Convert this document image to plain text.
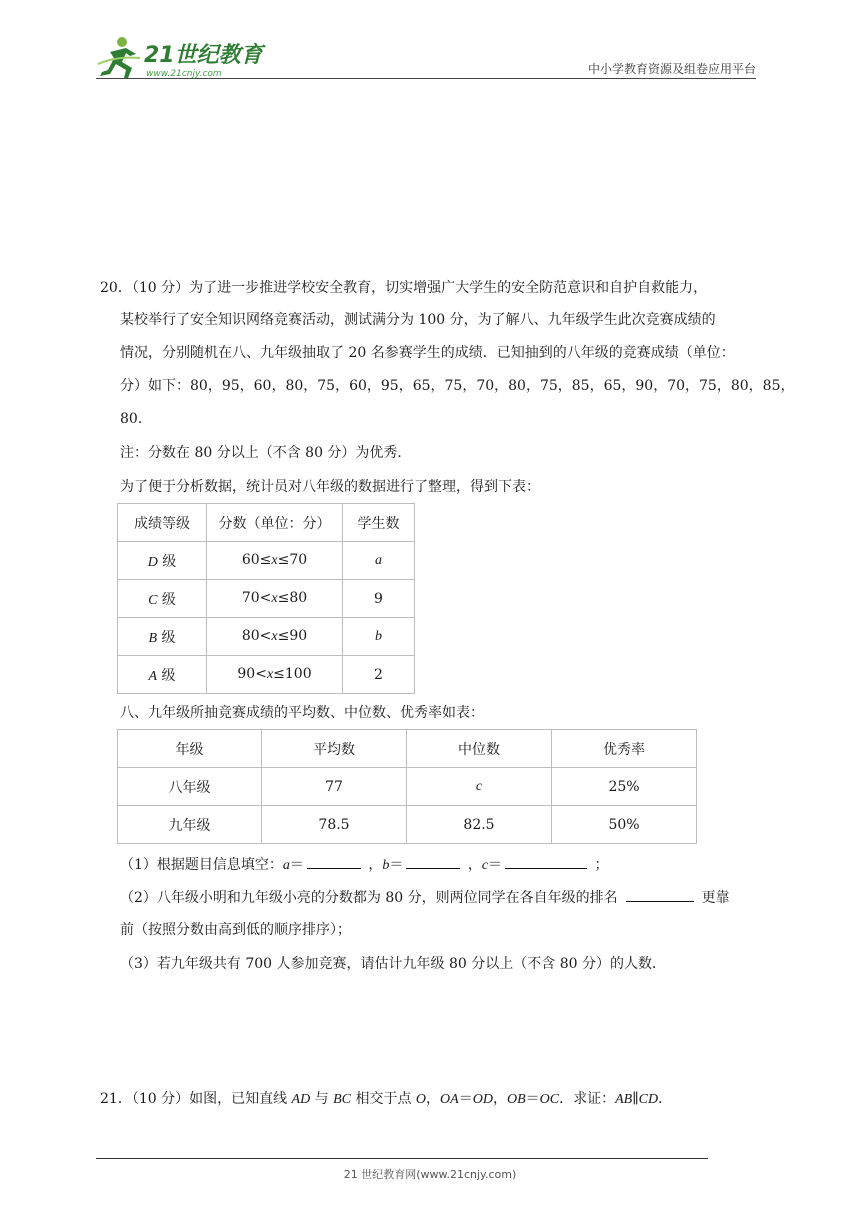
21世纪教育
www.21cnjy.com	中小学教育资源及组卷应用平台
20．（10 分）为了进一步推进学校安全教育，切实增强广大学生的安全防范意识和自护自救能力，
某校举行了安全知识网络竞赛活动，测试满分为 100 分，为了解八、九年级学生此次竞赛成绩的
情况，分别随机在八、九年级抽取了 20 名参赛学生的成绩．已知抽到的八年级的竞赛成绩（单位：
分）如下：80，95，60，80，75，60，95，65，75，70，80，75，85，65，90，70，75，80，85，
80．
注：分数在 80 分以上（不含 80 分）为优秀．
为了便于分析数据，统计员对八年级的数据进行了整理，得到下表：
成绩等级	分数（单位：分）	学生数
D 级	60≤x≤70	a
C 级	70<x≤80	9
B 级	80<x≤90	b
A 级	90<x≤100	2
八、九年级所抽竞赛成绩的平均数、中位数、优秀率如表：
年级	平均数	中位数	优秀率
八年级	77	c	25%
九年级	78.5	82.5	50%
（1）根据题目信息填空：a＝	，b＝	，c＝	；
（2）八年级小明和九年级小亮的分数都为 80 分，则两位同学在各自年级的排名	更靠
前（按照分数由高到低的顺序排序）；
（3）若九年级共有 700 人参加竞赛，请估计九年级 80 分以上（不含 80 分）的人数．
21．（10 分）如图，已知直线 AD 与 BC 相交于点 O，OA＝OD，OB＝OC．求证：AB∥CD．
21 世纪教育网(www.21cnjy.com)
